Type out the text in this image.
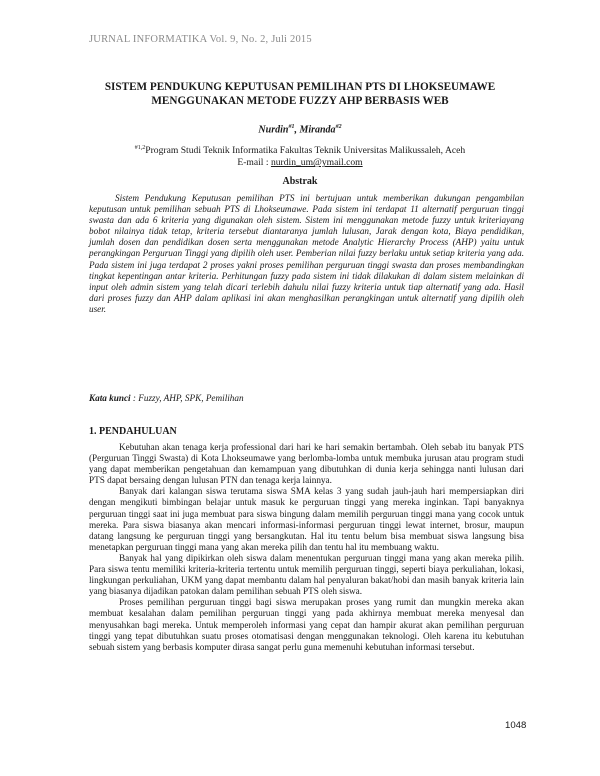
JURNAL INFORMATIKA Vol. 9, No. 2, Juli 2015
SISTEM PENDUKUNG KEPUTUSAN PEMILIHAN PTS DI LHOKSEUMAWE
MENGGUNAKAN METODE FUZZY AHP BERBASIS WEB
Nurdin$^{\#1}$, Miranda$^{\#2}$
$^{\#1,2}$Program Studi Teknik Informatika Fakultas Teknik Universitas Malikussaleh, Aceh
E-mail : nurdin_um@ymail.com
Abstrak

Sistem Pendukung Keputusan pemilihan PTS ini bertujuan untuk memberikan dukungan pengambilan keputusan untuk pemilihan sebuah PTS di Lhokseumawe. Pada sistem ini terdapat 11 alternatif perguruan tinggi swasta dan ada 6 kriteria yang digunakan oleh sistem. Sistem ini menggunakan metode fuzzy untuk kriteriayang bobot nilainya tidak tetap, kriteria tersebut diantaranya jumlah lulusan, Jarak dengan kota, Biaya pendidikan, jumlah dosen dan pendidikan dosen serta menggunakan metode Analytic Hierarchy Process (AHP) yaitu untuk perangkingan Perguruan Tinggi yang dipilih oleh user. Pemberian nilai fuzzy berlaku untuk setiap kriteria yang ada. Pada sistem ini juga terdapat 2 proses yakni proses pemilihan perguruan tinggi swasta dan proses membandingkan tingkat kepentingan antar kriteria. Perhitungan fuzzy pada sistem ini tidak dilakukan di dalam sistem melainkan di input oleh admin sistem yang telah dicari terlebih dahulu nilai fuzzy kriteria untuk tiap alternatif yang ada. Hasil dari proses fuzzy dan AHP dalam aplikasi ini akan menghasilkan perangkingan untuk alternatif yang dipilih oleh user.

Kata kunci : Fuzzy, AHP, SPK, Pemilihan
1. PENDAHULUAN

Kebutuhan akan tenaga kerja professional dari hari ke hari semakin bertambah. Oleh sebab itu banyak PTS (Perguruan Tinggi Swasta) di Kota Lhokseumawe yang berlomba-lomba untuk membuka jurusan atau program studi yang dapat memberikan pengetahuan dan kemampuan yang dibutuhkan di dunia kerja sehingga nanti lulusan dari PTS dapat bersaing dengan lulusan PTN dan tenaga kerja lainnya.

Banyak dari kalangan siswa terutama siswa SMA kelas 3 yang sudah jauh-jauh hari mempersiapkan diri dengan mengikuti bimbingan belajar untuk masuk ke perguruan tinggi yang mereka inginkan. Tapi banyaknya perguruan tinggi saat ini juga membuat para siswa bingung dalam memilih perguruan tinggi mana yang cocok untuk mereka. Para siswa biasanya akan mencari informasi-informasi perguruan tinggi lewat internet, brosur, maupun datang langsung ke perguruan tinggi yang bersangkutan. Hal itu tentu belum bisa membuat siswa langsung bisa menetapkan perguruan tinggi mana yang akan mereka pilih dan tentu hal itu membuang waktu.

Banyak hal yang dipikirkan oleh siswa dalam menentukan perguruan tinggi mana yang akan mereka pilih. Para siswa tentu memiliki kriteria-kriteria tertentu untuk memilih perguruan tinggi, seperti biaya perkuliahan, lokasi, lingkungan perkuliahan, UKM yang dapat membantu dalam hal penyaluran bakat/hobi dan masih banyak kriteria lain yang biasanya dijadikan patokan dalam pemilihan sebuah PTS oleh siswa.

Proses pemilihan perguruan tinggi bagi siswa merupakan proses yang rumit dan mungkin mereka akan membuat kesalahan dalam pemilihan perguruan tinggi yang pada akhirnya membuat mereka menyesal dan menyusahkan bagi mereka. Untuk memperoleh informasi yang cepat dan hampir akurat akan pemilihan perguruan tinggi yang tepat dibutuhkan suatu proses otomatisasi dengan menggunakan teknologi. Oleh karena itu kebutuhan sebuah sistem yang berbasis komputer dirasa sangat perlu guna memenuhi kebutuhan informasi tersebut.

1048
